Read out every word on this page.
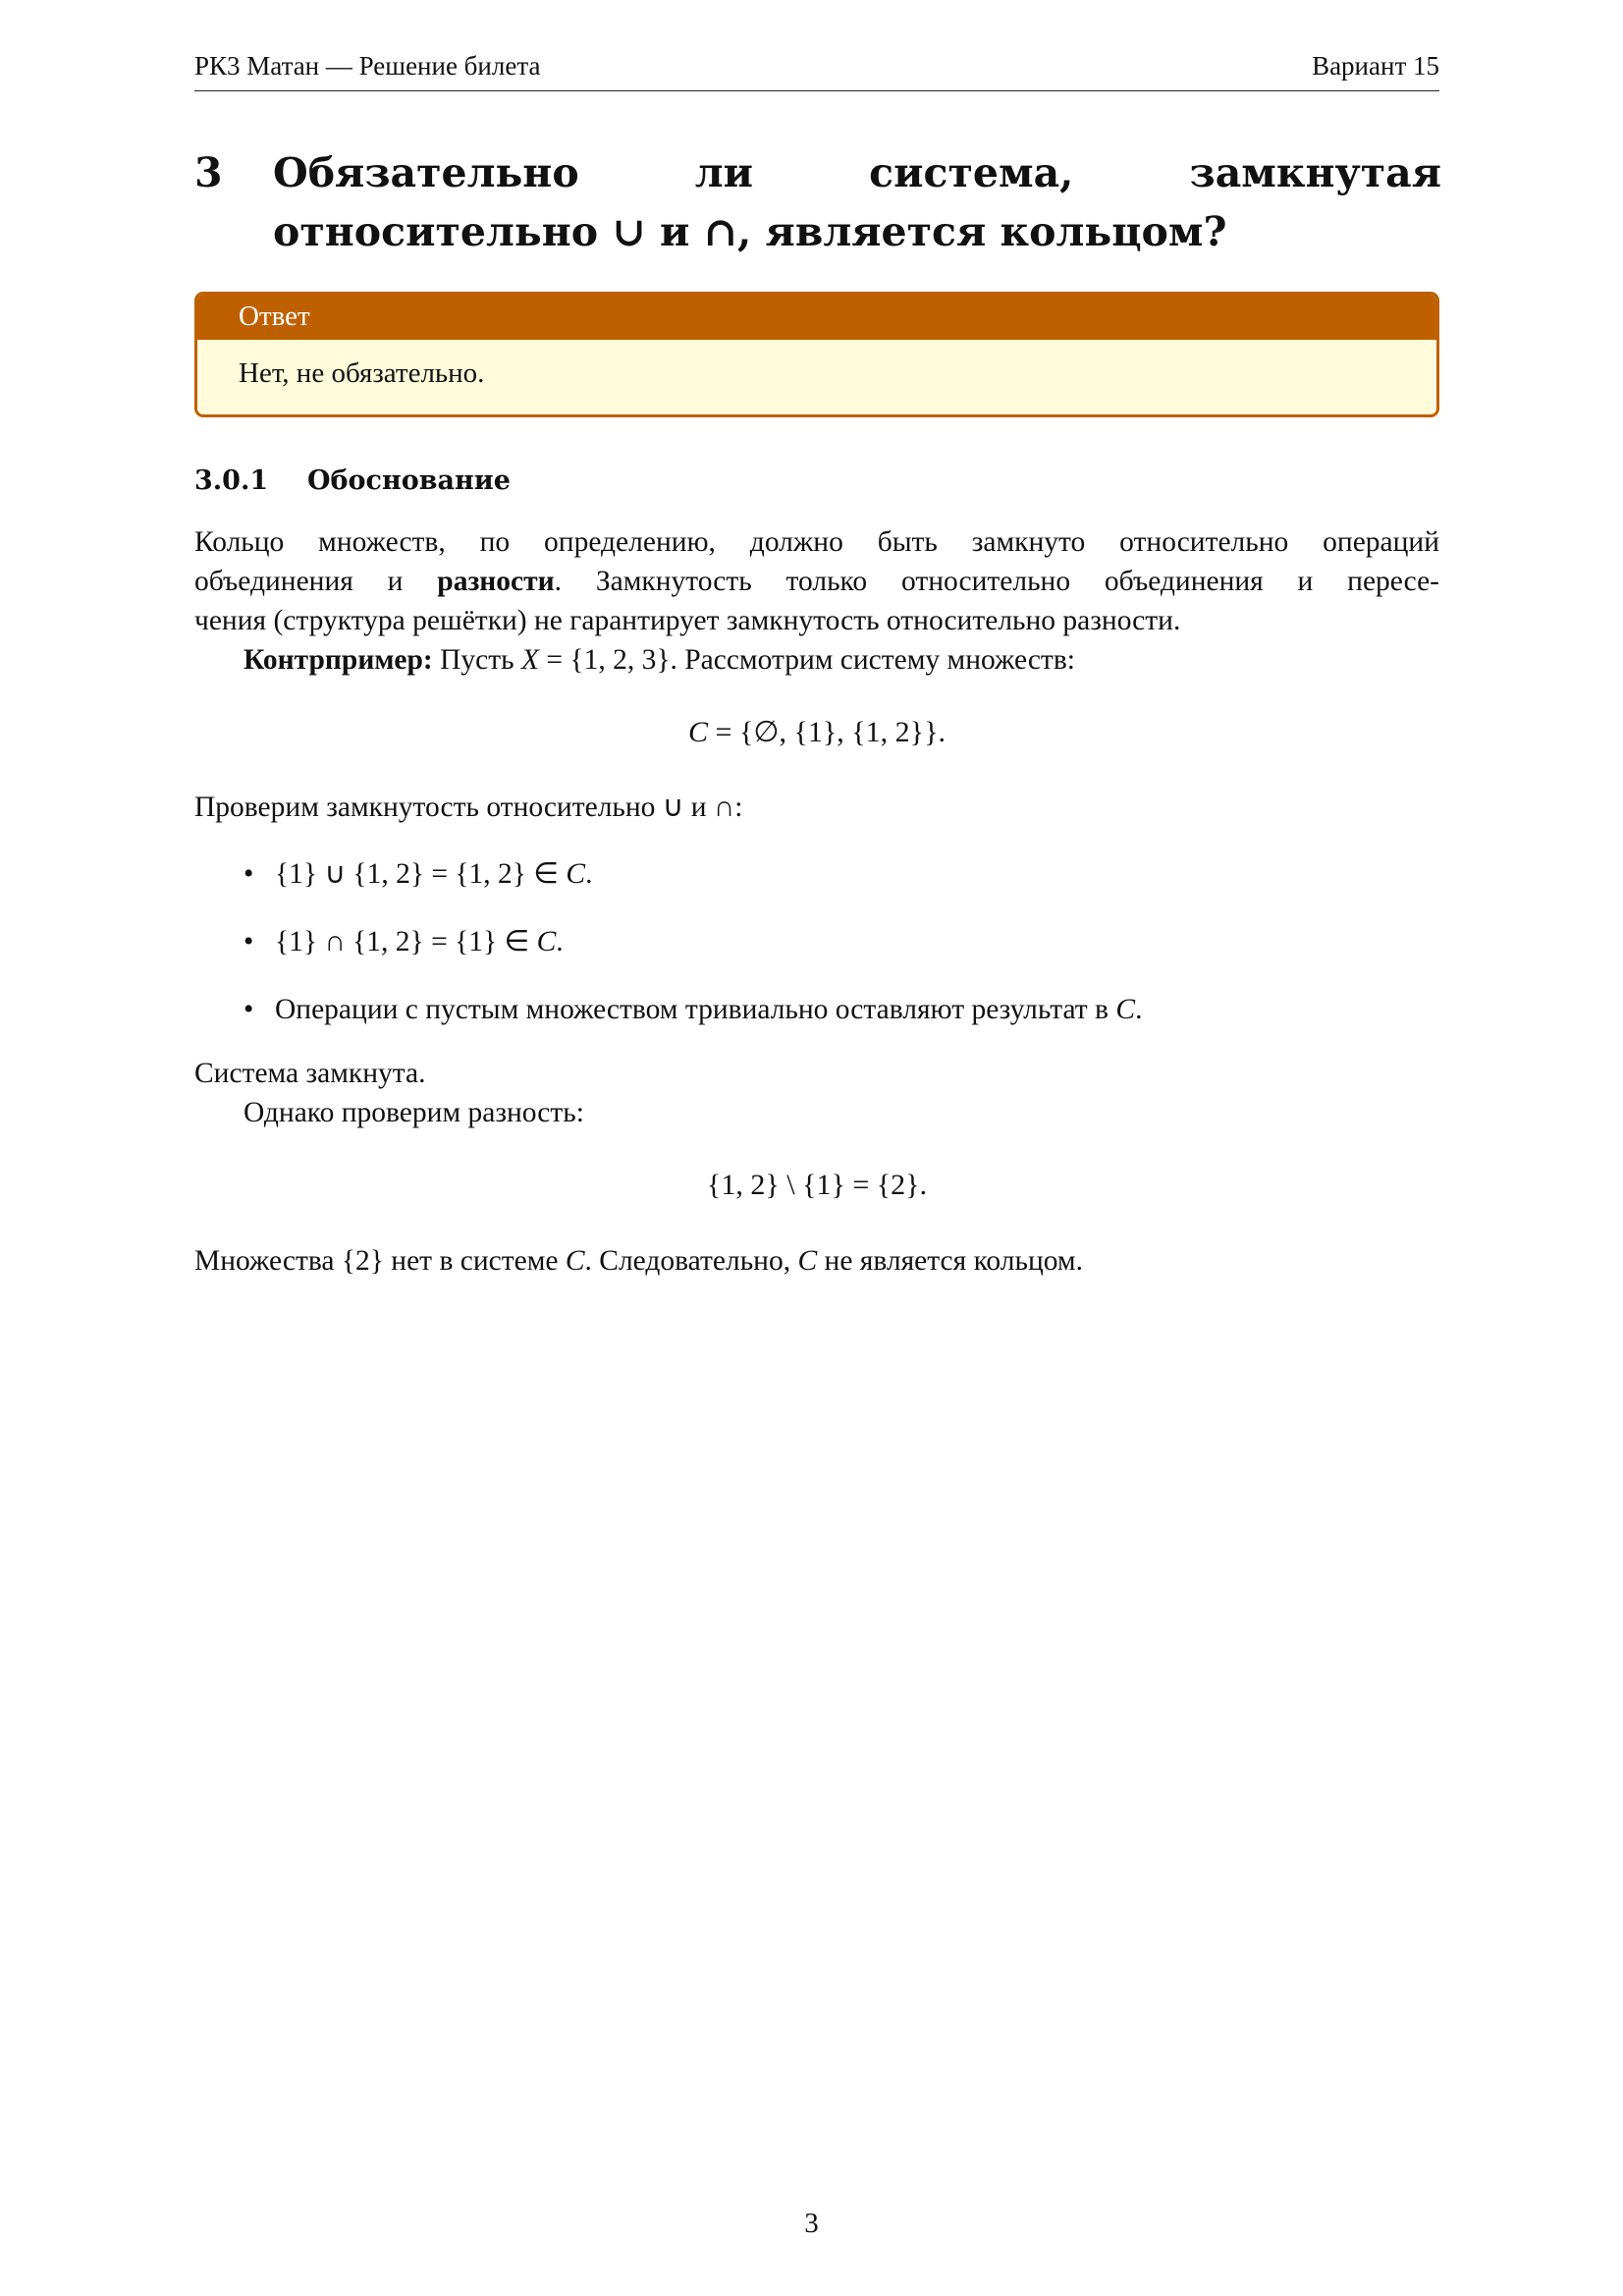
РК3 Матан — Решение билета	Вариант 15
3	Обязательно ли система, замкнутая относительно ∪ и ∩, является кольцом?
Ответ
Нет, не обязательно.
3.0.1	Обоснование
Кольцо множеств, по определению, должно быть замкнуто относительно операций
объединения и разности. Замкнутость только относительно объединения и пересе-
чения (структура решётки) не гарантирует замкнутость относительно разности.
Контрпример: Пусть X = {1, 2, 3}. Рассмотрим систему множеств:
C = {∅, {1}, {1, 2}}.
Проверим замкнутость относительно ∪ и ∩:
• {1} ∪ {1, 2} = {1, 2} ∈ C.
• {1} ∩ {1, 2} = {1} ∈ C.
• Операции с пустым множеством тривиально оставляют результат в C.
Система замкнута.
Однако проверим разность:
{1, 2} \ {1} = {2}.
Множества {2} нет в системе C. Следовательно, C не является кольцом.
3
